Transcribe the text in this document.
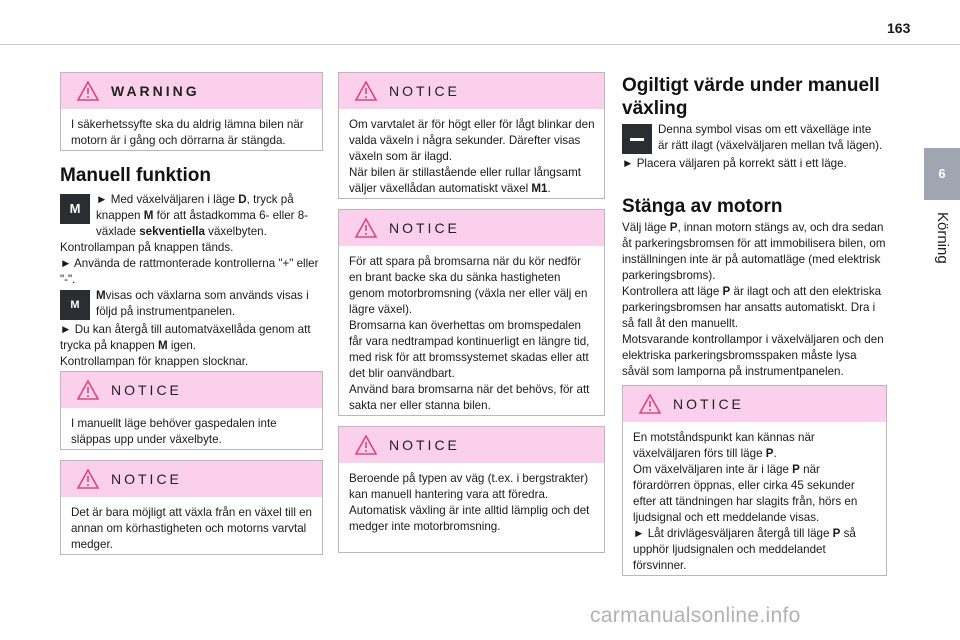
163
6
Körning
WARNING
I säkerhetssyfte ska du aldrig lämna bilen när motorn är i gång och dörrarna är stängda.
Manuell funktion
M
► Med växelväljaren i läge D, tryck på knappen M för att åstadkomma 6- eller 8-växlade sekventiella växelbyten.
Kontrollampan på knappen tänds.
► Använda de rattmonterade kontrollerna "+" eller "-".
M
Mvisas och växlarna som används visas i följd på instrumentpanelen.
► Du kan återgå till automatväxellåda genom att trycka på knappen M igen.
Kontrollampan för knappen slocknar.
NOTICE
I manuellt läge behöver gaspedalen inte släppas upp under växelbyte.
NOTICE
Det är bara möjligt att växla från en växel till en annan om körhastigheten och motorns varvtal medger.
NOTICE
Om varvtalet är för högt eller för lågt blinkar den valda växeln i några sekunder. Därefter visas växeln som är ilagd.
När bilen är stillastående eller rullar långsamt väljer växellådan automatiskt växel M1.
NOTICE
För att spara på bromsarna när du kör nedför en brant backe ska du sänka hastigheten genom motorbromsning (växla ner eller välj en lägre växel).
Bromsarna kan överhettas om bromspedalen får vara nedtrampad kontinuerligt en längre tid, med risk för att bromssystemet skadas eller att det blir oanvändbart.
Använd bara bromsarna när det behövs, för att sakta ner eller stanna bilen.
NOTICE
Beroende på typen av väg (t.ex. i bergstrakter) kan manuell hantering vara att föredra.
Automatisk växling är inte alltid lämplig och det medger inte motorbromsning.
Ogiltigt värde under manuell växling
Denna symbol visas om ett växelläge inte är rätt ilagt (växelväljaren mellan två lägen).
► Placera väljaren på korrekt sätt i ett läge.
Stänga av motorn
Välj läge P, innan motorn stängs av, och dra sedan åt parkeringsbromsen för att immobilisera bilen, om inställningen inte är på automatläge (med elektrisk parkeringsbroms).
Kontrollera att läge P är ilagt och att den elektriska parkeringsbromsen har ansatts automatiskt. Dra i så fall åt den manuellt.
Motsvarande kontrollampor i växelväljaren och den elektriska parkeringsbromsspaken måste lysa såväl som lamporna på instrumentpanelen.
NOTICE
En motståndspunkt kan kännas när växelväljaren förs till läge P.
Om växelväljaren inte är i läge P när förardörren öppnas, eller cirka 45 sekunder efter att tändningen har slagits från, hörs en ljudsignal och ett meddelande visas.
► Låt drivlägesväljaren återgå till läge P så upphör ljudsignalen och meddelandet försvinner.
carmanualsonline.info
